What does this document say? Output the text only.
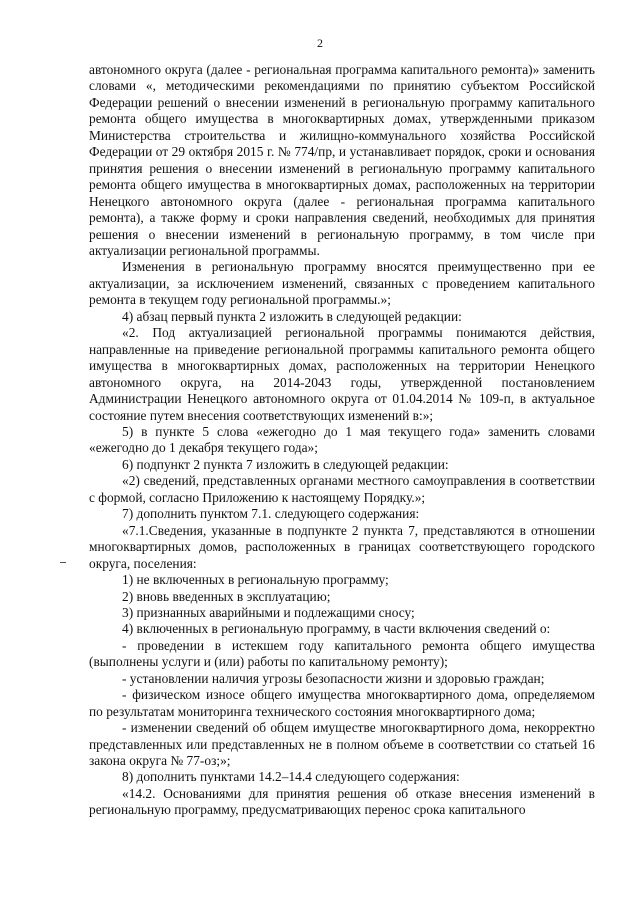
2

автономного округа (далее - региональная программа капитального ремонта)» заменить словами «, методическими рекомендациями по принятию субъектом Российской Федерации решений о внесении изменений в региональную программу капитального ремонта общего имущества в многоквартирных домах, утвержденными приказом Министерства строительства и жилищно-коммунального хозяйства Российской Федерации от 29 октября 2015 г. № 774/пр, и устанавливает порядок, сроки и основания принятия решения о внесении изменений в региональную программу капитального ремонта общего имущества в многоквартирных домах, расположенных на территории Ненецкого автономного округа (далее - региональная программа капитального ремонта), а также форму и сроки направления сведений, необходимых для принятия решения о внесении изменений в региональную программу, в том числе при актуализации региональной программы.

Изменения в региональную программу вносятся преимущественно при ее актуализации, за исключением изменений, связанных с проведением капитального ремонта в текущем году региональной программы.»;

4) абзац первый пункта 2 изложить в следующей редакции:

«2. Под актуализацией региональной программы понимаются действия, направленные на приведение региональной программы капитального ремонта общего имущества в многоквартирных домах, расположенных на территории Ненецкого автономного округа, на 2014-2043 годы, утвержденной постановлением Администрации Ненецкого автономного округа от 01.04.2014 № 109-п, в актуальное состояние путем внесения соответствующих изменений в:»;

5) в пункте 5 слова «ежегодно до 1 мая текущего года» заменить словами «ежегодно до 1 декабря текущего года»;

6) подпункт 2 пункта 7 изложить в следующей редакции:

«2) сведений, представленных органами местного самоуправления в соответствии с формой, согласно Приложению к настоящему Порядку.»;

7) дополнить пунктом 7.1. следующего содержания:

«7.1.Сведения, указанные в подпункте 2 пункта 7, представляются в отношении многоквартирных домов, расположенных в границах соответствующего городского округа, поселения:

1) не включенных в региональную программу;

2) вновь введенных в эксплуатацию;

3) признанных аварийными и подлежащими сносу;

4) включенных в региональную программу, в части включения сведений о:

- проведении в истекшем году капитального ремонта общего имущества (выполнены услуги и (или) работы по капитальному ремонту);

- установлении наличия угрозы безопасности жизни и здоровью граждан;

- физическом износе общего имущества многоквартирного дома, определяемом по результатам мониторинга технического состояния многоквартирного дома;

- изменении сведений об общем имуществе многоквартирного дома, некорректно представленных или представленных не в полном объеме в соответствии со статьей 16 закона округа № 77-оз;»;

8) дополнить пунктами 14.2–14.4 следующего содержания:

«14.2. Основаниями для принятия решения об отказе внесения изменений в региональную программу, предусматривающих перенос срока капитального
